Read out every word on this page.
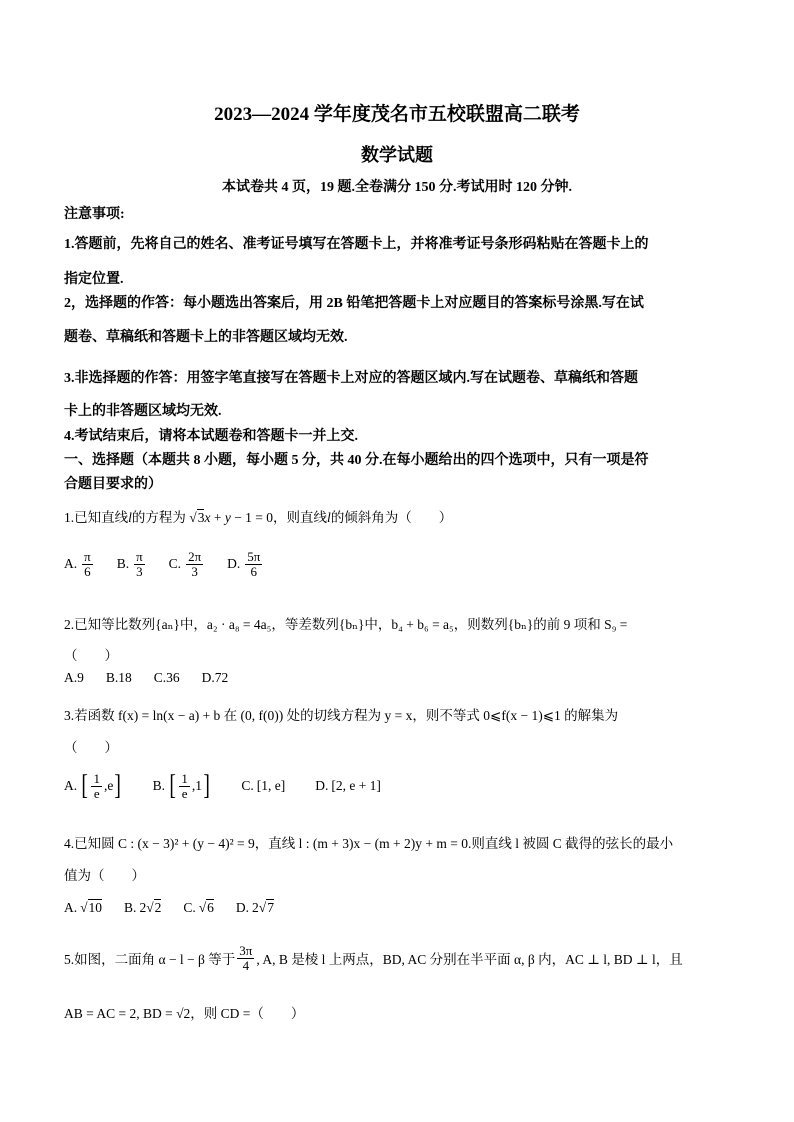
2023—2024 学年度茂名市五校联盟高二联考
数学试题
本试卷共 4 页，19 题.全卷满分 150 分.考试用时 120 分钟.
注意事项:
1.答题前，先将自己的姓名、准考证号填写在答题卡上，并将准考证号条形码粘贴在答题卡上的
指定位置.
2，选择题的作答：每小题选出答案后，用 2B 铅笔把答题卡上对应题目的答案标号涂黑.写在试
题卷、草稿纸和答题卡上的非答题区域均无效.
3.非选择题的作答：用签字笔直接写在答题卡上对应的答题区域内.写在试题卷、草稿纸和答题
卡上的非答题区域均无效.
4.考试结束后，请将本试题卷和答题卡一并上交.
一、选择题（本题共 8 小题，每小题 5 分，共 40 分.在每小题给出的四个选项中，只有一项是符
合题目要求的）
1.已知直线l的方程为 √3x + y − 1 = 0，则直线l的倾斜角为（　　）
A. $\frac{\pi}{6} B$. $\frac{\pi}{3} C$. $\frac{2\pi}{3} D$. $\frac{5\pi}{6}$
2.已知等比数列{aₙ}中，a₂ · a₈ = 4a₅，等差数列{bₙ}中，b₄ + b₆ = a₅，则数列{bₙ}的前 9 项和 S₉ =
（　　）
A.9 B.18 C.36 D.72
3.若函数 f(x) = ln(x − a) + b 在 (0, f(0)) 处的切线方程为 y = x，则不等式 0⩽f(x − 1)⩽1 的解集为
（　　）
A. [ $\frac{1}{e} ,e$ ] B. [ $\frac{1}{e} ,1$ ] C. [1, e] D. [2, e + 1]
4.已知圆 C : (x − 3)² + (y − 4)² = 9，直线 l : (m + 3)x − (m + 2)y + m = 0.则直线 l 被圆 C 截得的弦长的最小
值为（　　）
A. √ 10 B. 2 √ 2 C. √ 6 D. 2 √ 7
5.如图，二面角 α − l − β 等于 $\frac{3\pi}{4}$ , A, B 是棱 l 上两点，BD, AC 分别在半平面 α, β 内，AC ⊥ l, BD ⊥ l，且
AB = AC = 2, BD = √2，则 CD =（　　）
